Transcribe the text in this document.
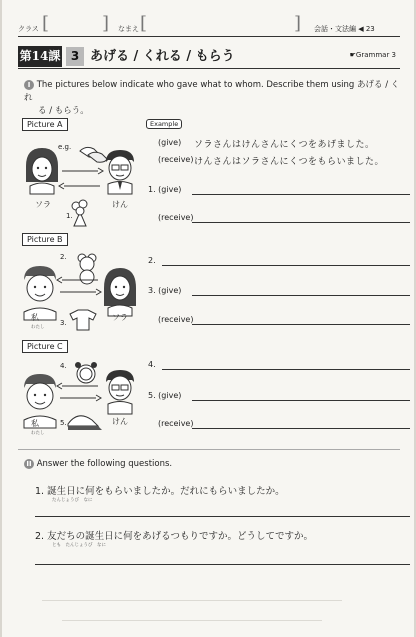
クラス [	] なまえ [	] 会話・文法編 ◀ 23
第14課 3 あげる / くれる / もらう	☛Grammar 3
I The pictures below indicate who gave what to whom. Describe them using あげる / くれ
る / もらう。
Picture A	Example
e.g.
ソラ	けん
1.
(give) ソラさんはけんさんにくつをあげました。
(receive) けんさんはソラさんにくつをもらいました。
1. (give)
(receive)
Picture B
2.
3.
私
わたし
ソラ
2.
3. (give)
(receive)
Picture C
4.
5.
私
わたし
けん
4.
5. (give)
(receive)
II Answer the following questions.
1. 誕生日に何をもらいましたか。だれにもらいましたか。
たんじょうび　なに
2. 友だちの誕生日に何をあげるつもりですか。どうしてですか。
とも　たんじょうび　なに
